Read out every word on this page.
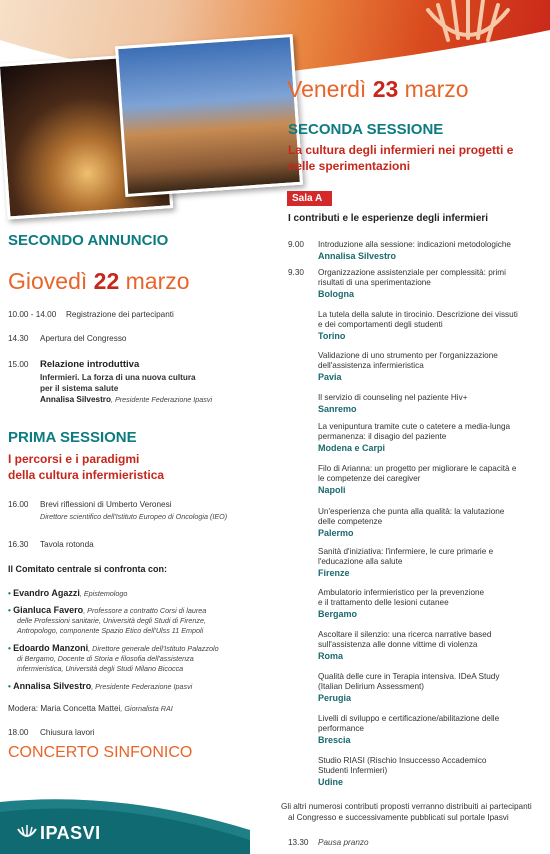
Venerdì 23 marzo
SECONDA SESSIONE
La cultura degli infermieri nei progetti e nelle sperimentazioni
Sala A
I contributi e le esperienze degli infermieri
9.00 Introduzione alla sessione: indicazioni metodologiche
Annalisa Silvestro
9.30 Organizzazione assistenziale per complessità: primi
risultati di una sperimentazione
Bologna
La tutela della salute in tirocinio. Descrizione dei vissuti
e dei comportamenti degli studenti
Torino
Validazione di uno strumento per l'organizzazione
dell'assistenza infermieristica
Pavia
Il servizio di counseling nel paziente Hiv+
Sanremo
La venipuntura tramite cute o catetere a media-lunga
permanenza: il disagio del paziente
Modena e Carpi
Filo di Arianna: un progetto per migliorare le capacità e
le competenze dei caregiver
Napoli
Un'esperienza che punta alla qualità: la valutazione
delle competenze
Palermo
Sanità d'iniziativa: l'infermiere, le cure primarie e
l'educazione alla salute
Firenze
Ambulatorio infermieristico per la prevenzione
e il trattamento delle lesioni cutanee
Bergamo
Ascoltare il silenzio: una ricerca narrative based
sull'assistenza alle donne vittime di violenza
Roma
Qualità delle cure in Terapia intensiva. IDeA Study
(Italian Delirium Assessment)
Perugia
Livelli di sviluppo e certificazione/abilitazione delle
performance
Brescia
Studio RIASI (Rischio Insuccesso Accademico
Studenti Infermieri)
Udine
Gli altri numerosi contributi proposti verranno distribuiti ai partecipanti
al Congresso e successivamente pubblicati sul portale Ipasvi
13.30 Pausa pranzo
SECONDO ANNUNCIO
Giovedì 22 marzo
10.00 - 14.00 Registrazione dei partecipanti
14.30 Apertura del Congresso
15.00 Relazione introduttiva
Infermieri. La forza di una nuova cultura
per il sistema salute
Annalisa Silvestro, Presidente Federazione Ipasvi
PRIMA SESSIONE
I percorsi e i paradigmi
della cultura infermieristica
16.00 Brevi riflessioni di Umberto Veronesi
Direttore scientifico dell'Istituto Europeo di Oncologia (IEO)
16.30 Tavola rotonda
Il Comitato centrale si confronta con:
• Evandro Agazzi, Epistemologo
• Gianluca Favero, Professore a contratto Corsi di laurea
delle Professioni sanitarie, Università degli Studi di Firenze,
Antropologo, componente Spazio Etico dell'Ulss 11 Empoli
• Edoardo Manzoni, Direttore generale dell'Istituto Palazzolo
di Bergamo, Docente di Storia e filosofia dell'assistenza
infermieristica, Università degli Studi Milano Bicocca
• Annalisa Silvestro, Presidente Federazione Ipasvi
Modera: Maria Concetta Mattei, Giornalista RAI
18.00 Chiusura lavori
CONCERTO SINFONICO
IPASVI
